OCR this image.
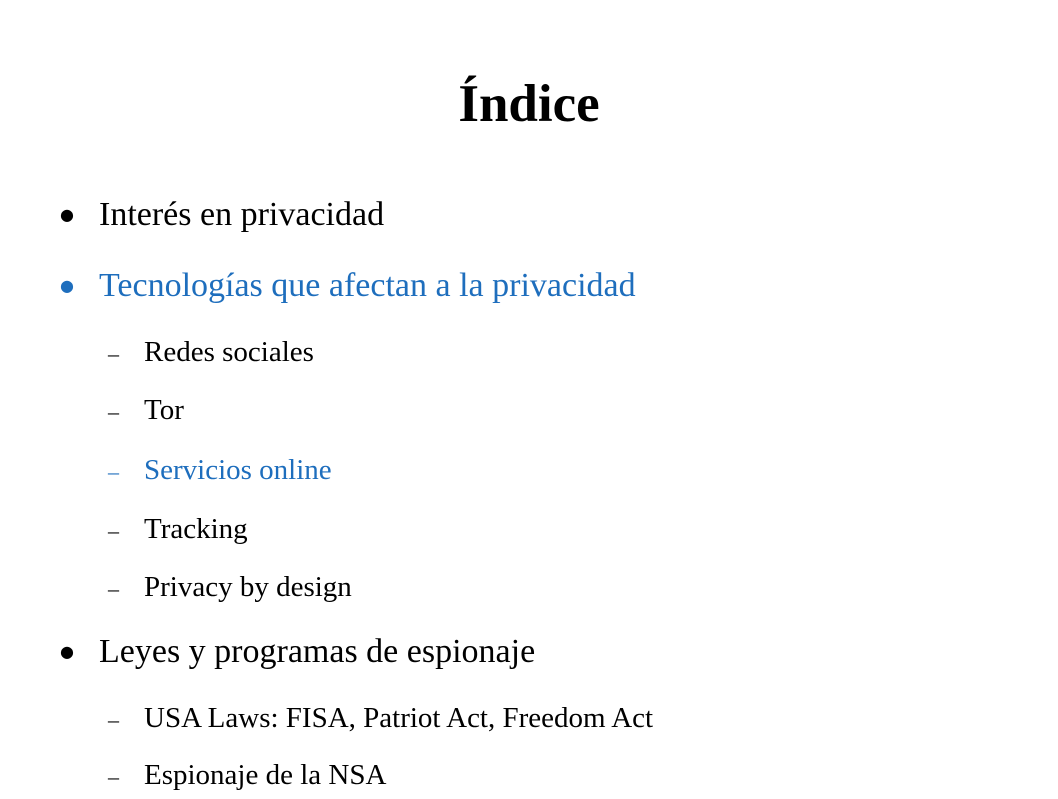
Índice
● Interés en privacidad
● Tecnologías que afectan a la privacidad
– Redes sociales
– Tor
– Servicios online
– Tracking
– Privacy by design
● Leyes y programas de espionaje
– USA Laws: FISA, Patriot Act, Freedom Act
– Espionaje de la NSA
